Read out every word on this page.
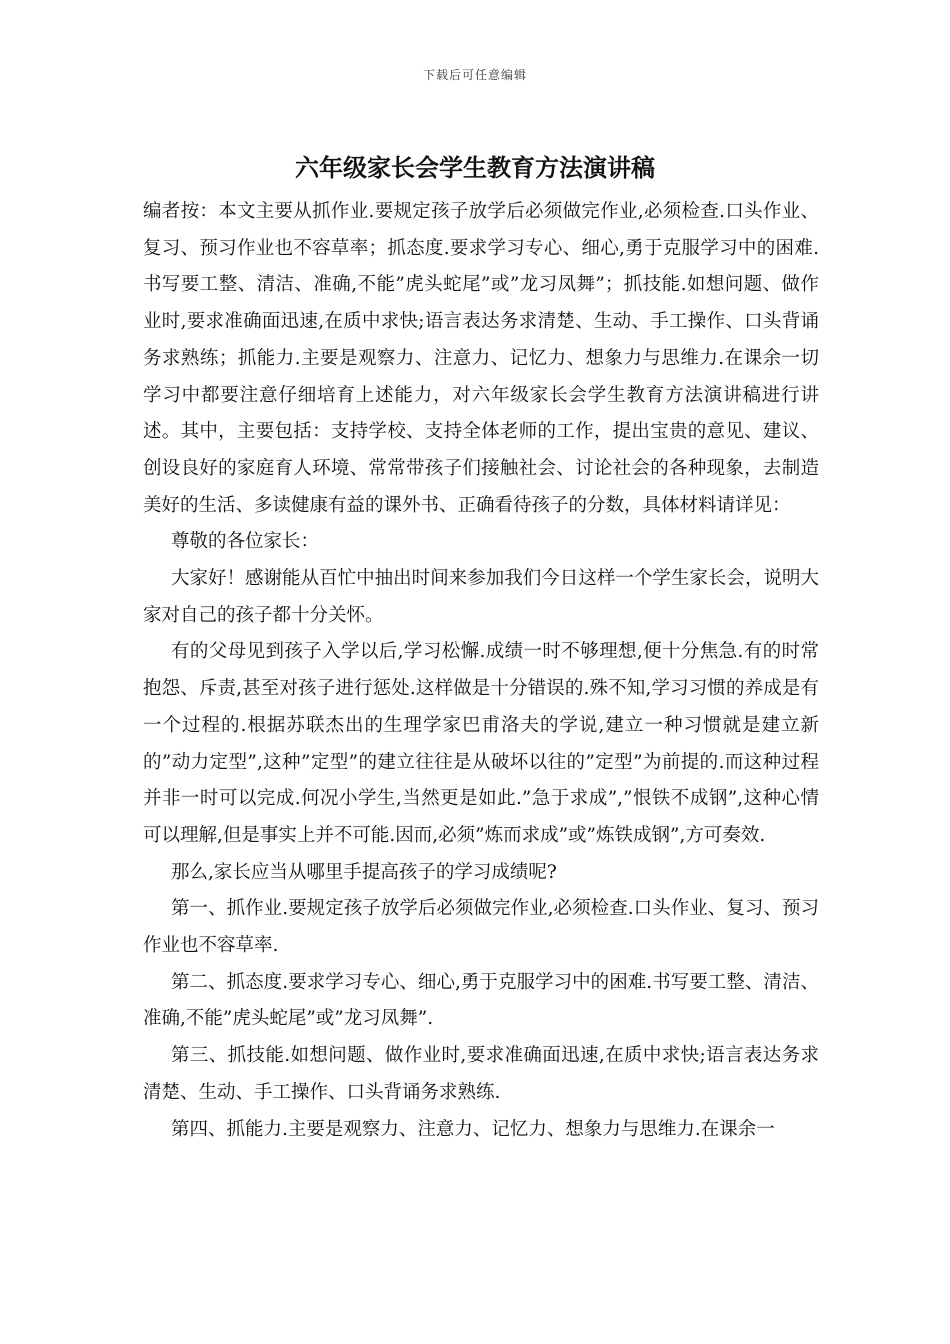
下载后可任意编辑
六年级家长会学生教育方法演讲稿

编者按：本文主要从抓作业.要规定孩子放学后必须做完作业,必须检查.口头作业、复习、预习作业也不容草率；抓态度.要求学习专心、细心,勇于克服学习中的困难.书写要工整、清洁、准确,不能”虎头蛇尾”或”龙习凤舞”；抓技能.如想问题、做作业时,要求准确面迅速,在质中求快;语言表达务求清楚、生动、手工操作、口头背诵务求熟练；抓能力.主要是观察力、注意力、记忆力、想象力与思维力.在课余一切学习中都要注意仔细培育上述能力，对六年级家长会学生教育方法演讲稿进行讲述。其中，主要包括：支持学校、支持全体老师的工作，提出宝贵的意见、建议、创设良好的家庭育人环境、常常带孩子们接触社会、讨论社会的各种现象，去制造美好的生活、多读健康有益的课外书、正确看待孩子的分数，具体材料请详见：

尊敬的各位家长：

大家好！感谢能从百忙中抽出时间来参加我们今日这样一个学生家长会，说明大家对自己的孩子都十分关怀。

有的父母见到孩子入学以后,学习松懈.成绩一时不够理想,便十分焦急.有的时常抱怨、斥责,甚至对孩子进行惩处.这样做是十分错误的.殊不知,学习习惯的养成是有一个过程的.根据苏联杰出的生理学家巴甫洛夫的学说,建立一种习惯就是建立新的”动力定型”,这种”定型”的建立往往是从破坏以往的”定型”为前提的.而这种过程并非一时可以完成.何况小学生,当然更是如此.”急于求成”,”恨铁不成钢”,这种心情可以理解,但是事实上并不可能.因而,必须”炼而求成”或”炼铁成钢”,方可奏效.

那么,家长应当从哪里手提高孩子的学习成绩呢?

第一、抓作业.要规定孩子放学后必须做完作业,必须检查.口头作业、复习、预习作业也不容草率.

第二、抓态度.要求学习专心、细心,勇于克服学习中的困难.书写要工整、清洁、准确,不能”虎头蛇尾”或”龙习凤舞”.

第三、抓技能.如想问题、做作业时,要求准确面迅速,在质中求快;语言表达务求清楚、生动、手工操作、口头背诵务求熟练.

第四、抓能力.主要是观察力、注意力、记忆力、想象力与思维力.在课余一
